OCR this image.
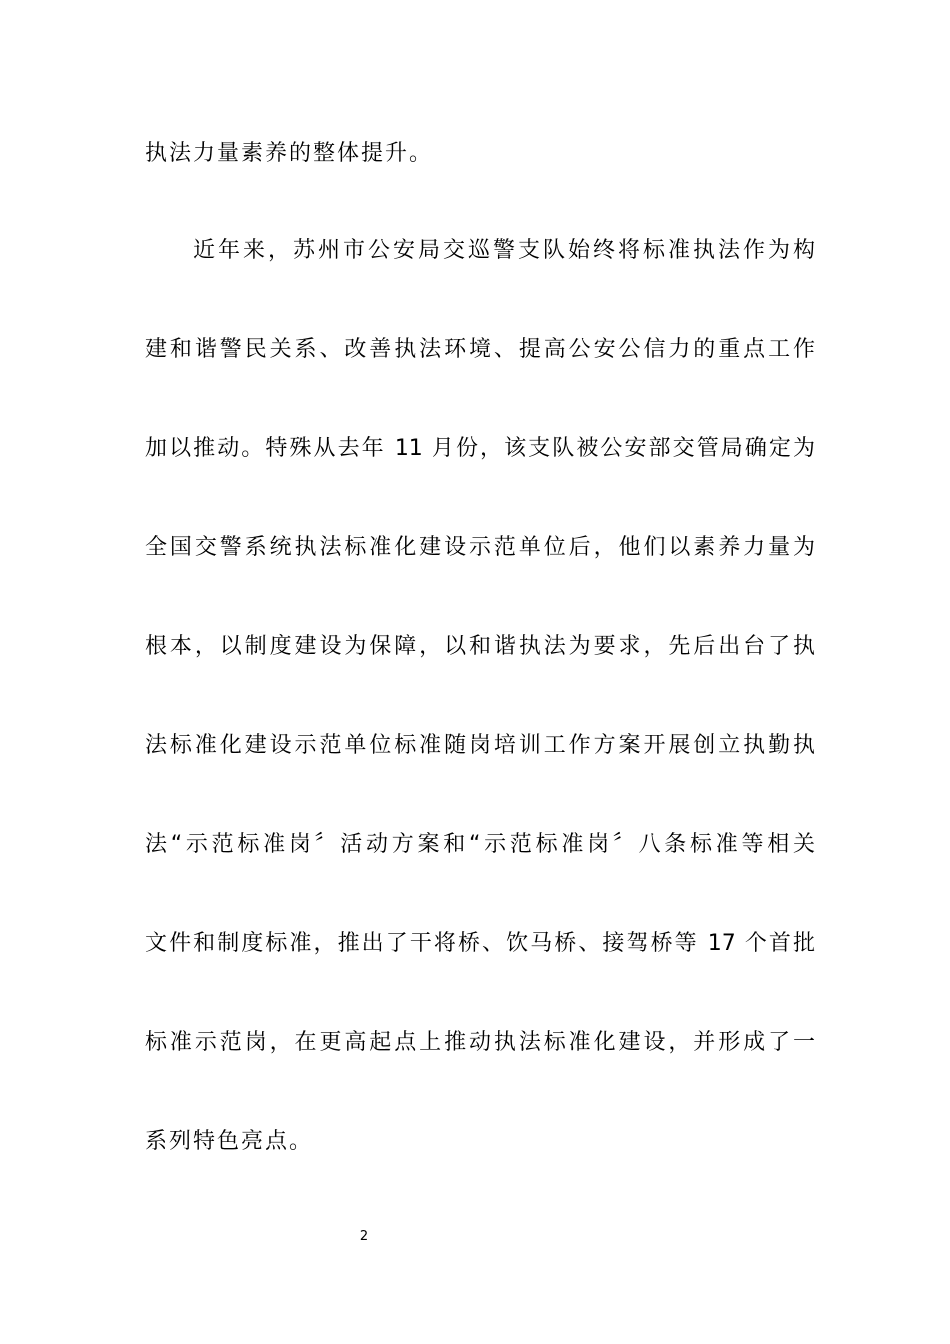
执法力量素养的整体提升。
近年来，苏州市公安局交巡警支队始终将标准执法作为构
建和谐警民关系、改善执法环境、提高公安公信力的重点工作
加以推动。特殊从去年 11 月份，该支队被公安部交管局确定为
全国交警系统执法标准化建设示范单位后，他们以素养力量为
根本，以制度建设为保障，以和谐执法为要求，先后出台了执
法标准化建设示范单位标准随岗培训工作方案开展创立执勤执
法“示范标准岗〞活动方案和“示范标准岗〞八条标准等相关
文件和制度标准，推出了干将桥、饮马桥、接驾桥等 17 个首批
标准示范岗，在更高起点上推动执法标准化建设，并形成了一
系列特色亮点。
2
